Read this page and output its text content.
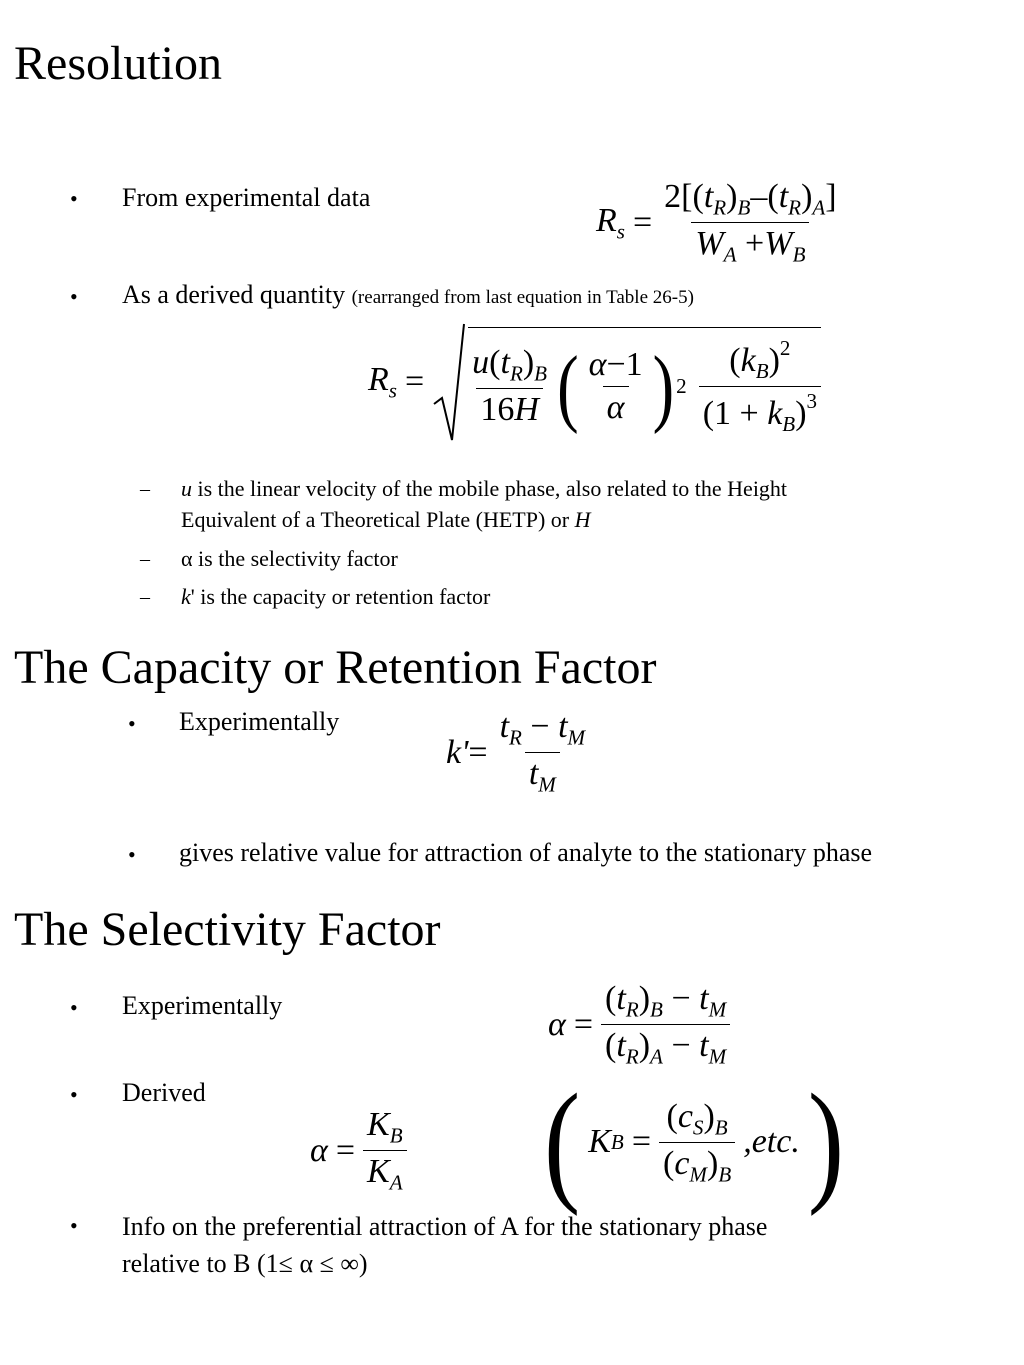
Resolution
• From experimental data
$R_s = \frac{2[(t_R)_B-(t_R)_A]}{W_A +W_B}$
• As a derived quantity (rearranged from last equation in Table 26-5)
$R_s = \frac{u(t_R)_B}{16H}$ ( $\frac{\alpha-1}{\alpha}$ ) $2 \frac{(k_B)^2}{(1 + k_B)^3}$
– u is the linear velocity of the mobile phase, also related to the Height
Equivalent of a Theoretical Plate (HETP) or H
– α is the selectivity factor
– k' is the capacity or retention factor
The Capacity or Retention Factor
• Experimentally
$k' = \frac{t_R - t_M}{t_M}$
• gives relative value for attraction of analyte to the stationary phase
The Selectivity Factor
• Experimentally
$\alpha = \frac{(t_R)_B - t_M}{(t_R)_A - t_M}$
• Derived
$\alpha = \frac{K_B}{K_A}$ ( K $B = \frac{(c_S)_B}{(c_M)_B} ,etc$. )
• Info on the preferential attraction of A for the stationary phase
relative to B (1≤ α ≤ ∞)
